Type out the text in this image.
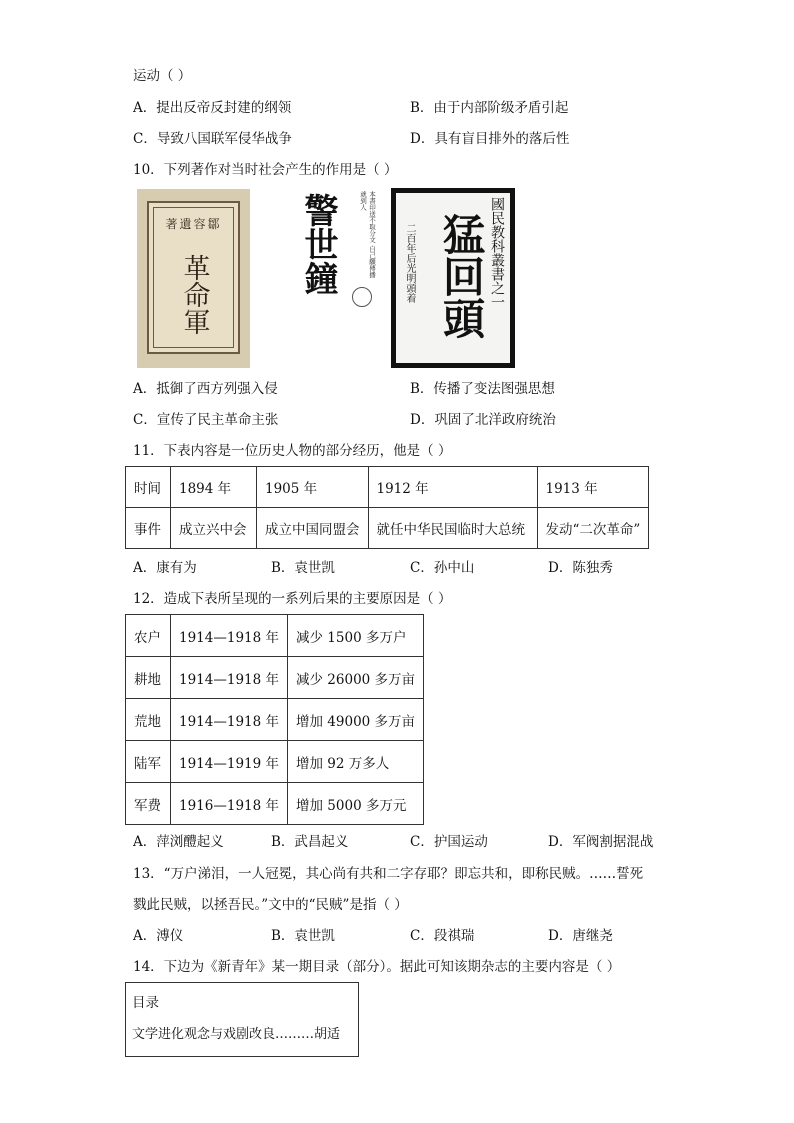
运动（ ）
A．提出反帝反封建的纲领	B．由于内部阶级矛盾引起
C．导致八国联军侵华战争	D．具有盲目排外的落后性
10．下列著作对当时社会产生的作用是（ ）
著遺容鄒
革命軍	警世鐘	本書印送不取分文 自己願傳播就到人	國民教科叢書之一
二百年后光明頭着 猛回頭
A．抵御了西方列强入侵	B．传播了变法图强思想
C．宣传了民主革命主张	D．巩固了北洋政府统治
11．下表内容是一位历史人物的部分经历，他是（ ）
时间	1894 年	1905 年	1912 年	1913 年
事件	成立兴中会	成立中国同盟会	就任中华民国临时大总统	发动“二次革命”
A．康有为	B．袁世凯	C．孙中山	D．陈独秀
12．造成下表所呈现的一系列后果的主要原因是（ ）
农户	1914—1918 年	减少 1500 多万户
耕地	1914—1918 年	减少 26000 多万亩
荒地	1914—1918 年	增加 49000 多万亩
陆军	1914—1919 年	增加 92 万多人
军费	1916—1918 年	增加 5000 多万元
A．萍浏醴起义	B．武昌起义	C．护国运动	D．军阀割据混战
13．“万户涕泪，一人冠冕，其心尚有共和二字存耶？即忘共和，即称民贼。……誓死
戮此民贼，以拯吾民。”文中的“民贼”是指（ ）
A．溥仪	B．袁世凯	C．段祺瑞	D．唐继尧
14．下边为《新青年》某一期目录（部分）。据此可知该期杂志的主要内容是（ ）
目录
文学进化观念与戏剧改良………胡适
